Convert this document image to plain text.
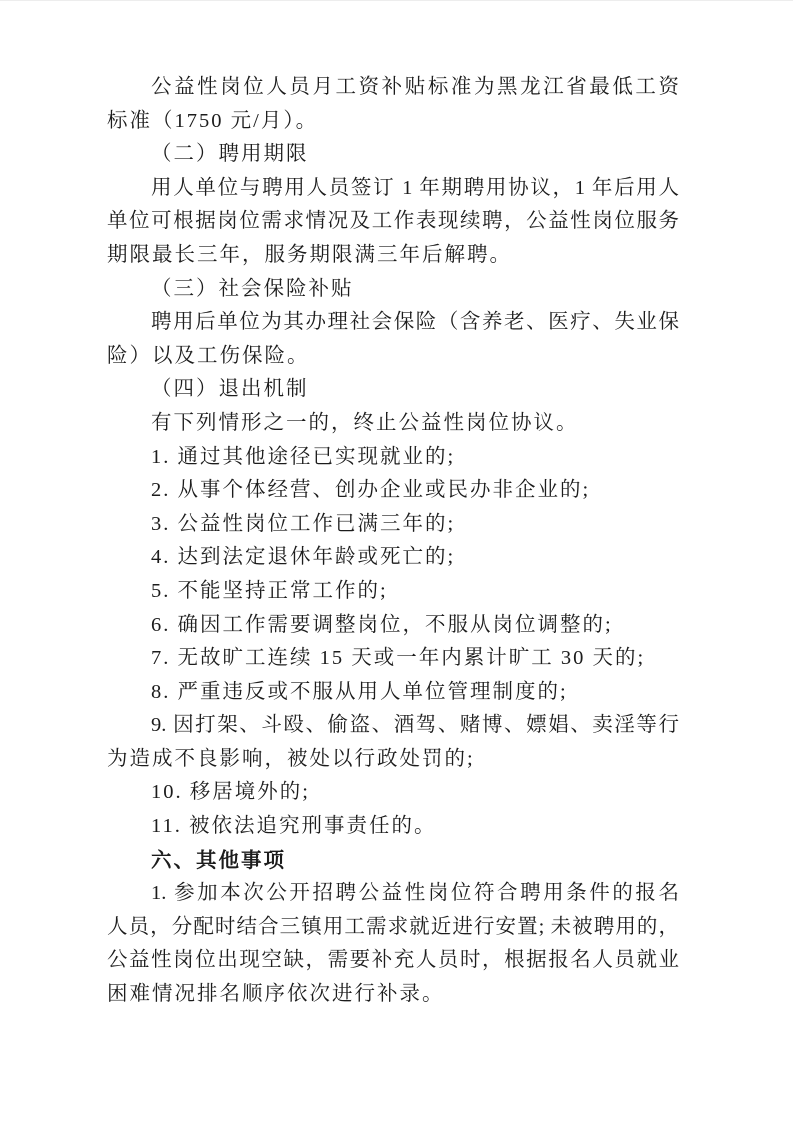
公益性岗位人员月工资补贴标准为黑龙江省最低工资
标准（1750 元/月）。
（二）聘用期限
用人单位与聘用人员签订 1 年期聘用协议，1 年后用人
单位可根据岗位需求情况及工作表现续聘，公益性岗位服务
期限最长三年，服务期限满三年后解聘。
（三）社会保险补贴
聘用后单位为其办理社会保险（含养老、医疗、失业保
险）以及工伤保险。
（四）退出机制
有下列情形之一的，终止公益性岗位协议。
1. 通过其他途径已实现就业的;
2. 从事个体经营、创办企业或民办非企业的;
3. 公益性岗位工作已满三年的;
4. 达到法定退休年龄或死亡的;
5. 不能坚持正常工作的;
6. 确因工作需要调整岗位，不服从岗位调整的;
7. 无故旷工连续 15 天或一年内累计旷工 30 天的;
8. 严重违反或不服从用人单位管理制度的;
9. 因打架、斗殴、偷盗、酒驾、赌博、嫖娼、卖淫等行
为造成不良影响，被处以行政处罚的;
10. 移居境外的;
11. 被依法追究刑事责任的。
六、其他事项
1. 参加本次公开招聘公益性岗位符合聘用条件的报名
人员，分配时结合三镇用工需求就近进行安置; 未被聘用的，
公益性岗位出现空缺，需要补充人员时，根据报名人员就业
困难情况排名顺序依次进行补录。
